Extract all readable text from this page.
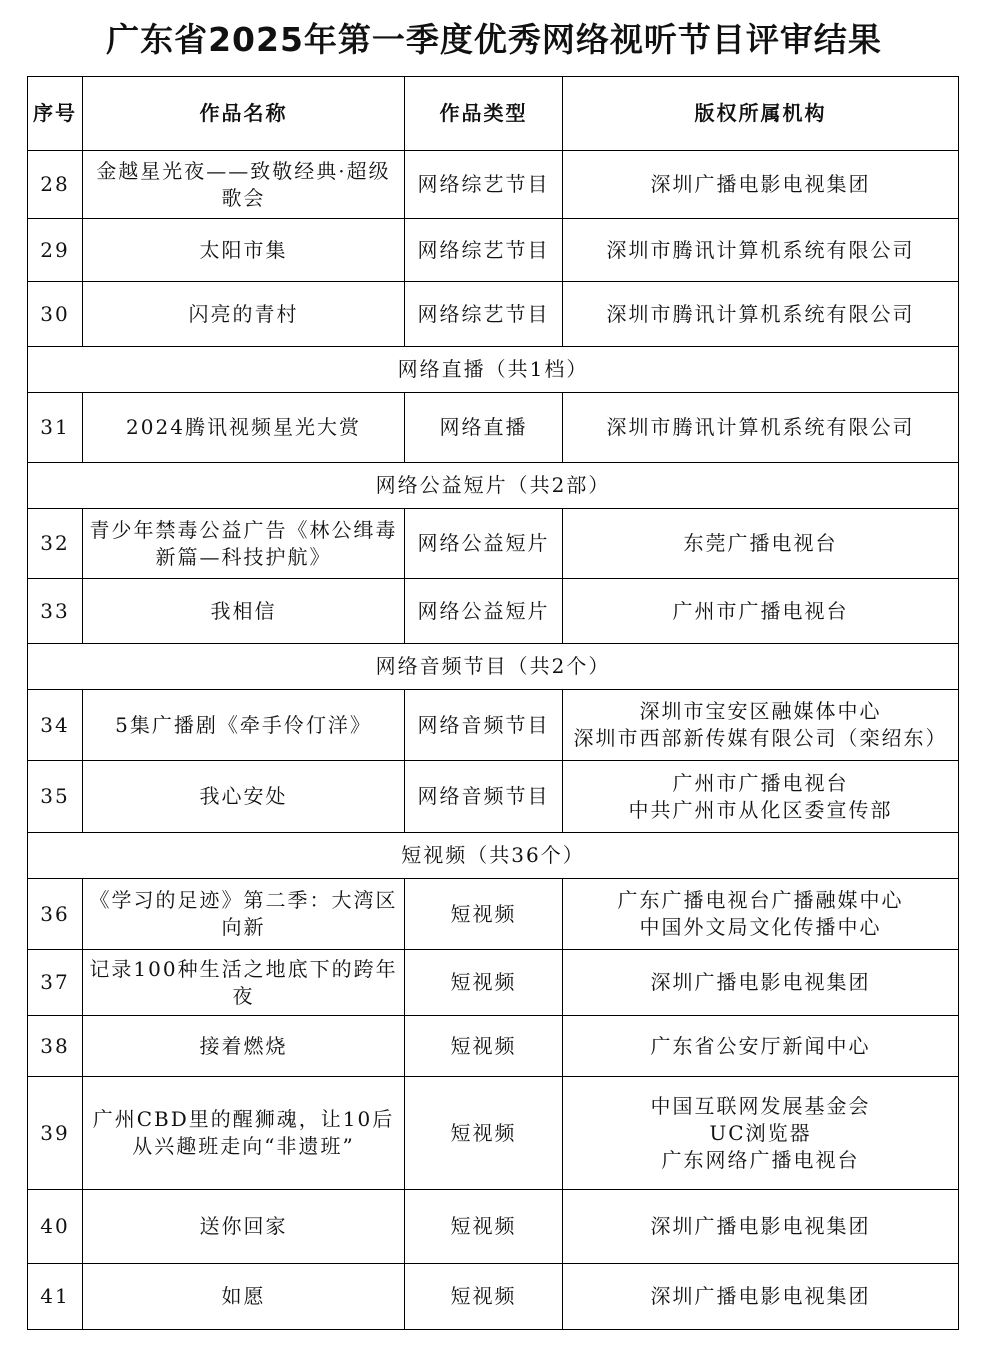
广东省2025年第一季度优秀网络视听节目评审结果
序号	作品名称	作品类型	版权所属机构
28	金越星光夜——致敬经典·超级歌会	网络综艺节目	深圳广播电影电视集团

29	太阳市集	网络综艺节目	深圳市腾讯计算机系统有限公司

30	闪亮的青村	网络综艺节目	深圳市腾讯计算机系统有限公司

网络直播（共1档）			
31	2024腾讯视频星光大赏	网络直播	深圳市腾讯计算机系统有限公司

网络公益短片（共2部）			
32	青少年禁毒公益广告《林公缉毒新篇—科技护航》	网络公益短片	东莞广播电视台

33	我相信	网络公益短片	广州市广播电视台

网络音频节目（共2个）			
34	5集广播剧《牵手伶仃洋》	网络音频节目	深圳市宝安区融媒体中心
深圳市西部新传媒有限公司（栾绍东）

35	我心安处	网络音频节目	广州市广播电视台
中共广州市从化区委宣传部

短视频（共36个）			
36	《学习的足迹》第二季：大湾区向新	短视频	广东广播电视台广播融媒中心
中国外文局文化传播中心

37	记录100种生活之地底下的跨年夜	短视频	深圳广播电影电视集团

38	接着燃烧	短视频	广东省公安厅新闻中心

39	广州CBD里的醒狮魂，让10后从兴趣班走向“非遗班”	短视频	中国互联网发展基金会
UC浏览器
广东网络广播电视台

40	送你回家	短视频	深圳广播电影电视集团

41	如愿	短视频	深圳广播电影电视集团
